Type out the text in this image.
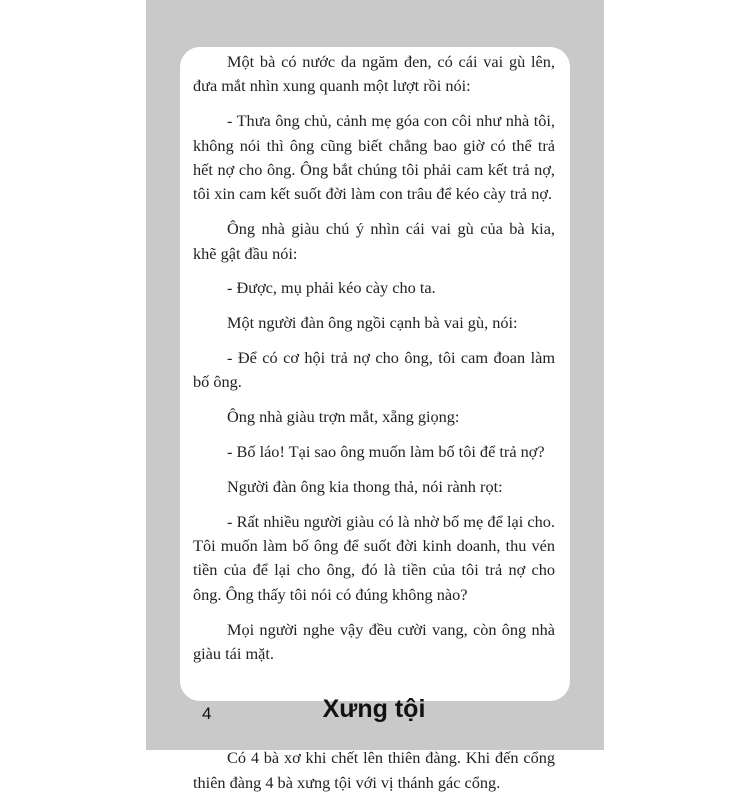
Một bà có nước da ngăm đen, có cái vai gù lên, đưa mắt nhìn xung quanh một lượt rồi nói:

- Thưa ông chủ, cảnh mẹ góa con côi như nhà tôi, không nói thì ông cũng biết chẳng bao giờ có thể trả hết nợ cho ông. Ông bắt chúng tôi phải cam kết trả nợ, tôi xin cam kết suốt đời làm con trâu để kéo cày trả nợ.

Ông nhà giàu chú ý nhìn cái vai gù của bà kia, khẽ gật đầu nói:

- Được, mụ phải kéo cày cho ta.

Một người đàn ông ngồi cạnh bà vai gù, nói:

- Để có cơ hội trả nợ cho ông, tôi cam đoan làm bố ông.

Ông nhà giàu trợn mắt, xẵng giọng:

- Bố láo! Tại sao ông muốn làm bố tôi để trả nợ?

Người đàn ông kia thong thả, nói rành rọt:

- Rất nhiều người giàu có là nhờ bố mẹ để lại cho. Tôi muốn làm bố ông để suốt đời kinh doanh, thu vén tiền của để lại cho ông, đó là tiền của tôi trả nợ cho ông. Ông thấy tôi nói có đúng không nào?

Mọi người nghe vậy đều cười vang, còn ông nhà giàu tái mặt.

Xưng tội

Có 4 bà xơ khi chết lên thiên đàng. Khi đến cổng thiên đàng 4 bà xưng tội với vị thánh gác cổng.

4
